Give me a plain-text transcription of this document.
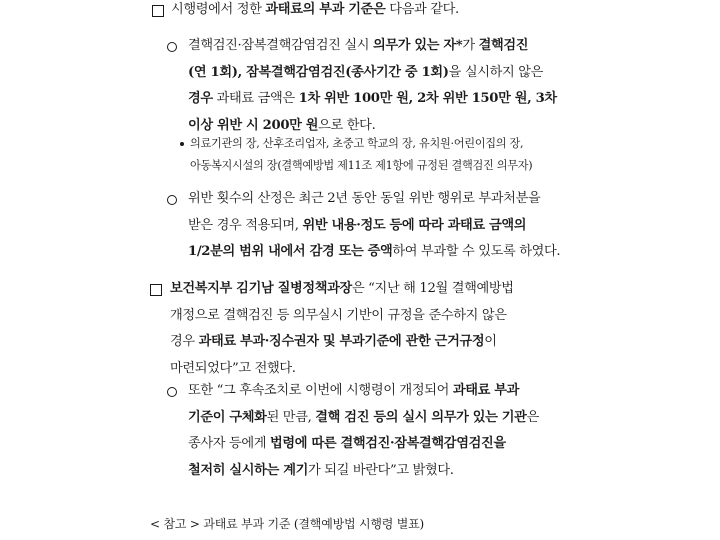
시행령에서 정한 과태료의 부과 기준은 다음과 같다.
결핵검진·잠복결핵감염검진 실시 의무가 있는 자*가 결핵검진
(연 1회), 잠복결핵감염검진(종사기간 중 1회)을 실시하지 않은
경우 과태료 금액은 1차 위반 100만 원, 2차 위반 150만 원, 3차
이상 위반 시 200만 원으로 한다.
의료기관의 장, 산후조리업자, 초중고 학교의 장, 유치원·어린이집의 장,
아동복지시설의 장(결핵예방법 제11조 제1항에 규정된 결핵검진 의무자)
위반 횟수의 산정은 최근 2년 동안 동일 위반 행위로 부과처분을
받은 경우 적용되며, 위반 내용·정도 등에 따라 과태료 금액의
1/2분의 범위 내에서 감경 또는 증액하여 부과할 수 있도록 하였다.
보건복지부 김기남 질병정책과장은 “지난 해 12월 결핵예방법
개정으로 결핵검진 등 의무실시 기반이 규정을 준수하지 않은
경우 과태료 부과·징수권자 및 부과기준에 관한 근거규정이
마련되었다”고 전했다.
또한 “그 후속조치로 이번에 시행령이 개정되어 과태료 부과
기준이 구체화된 만큼, 결핵 검진 등의 실시 의무가 있는 기관은
종사자 등에게 법령에 따른 결핵검진·잠복결핵감염검진을
철저히 실시하는 계기가 되길 바란다”고 밝혔다.
< 참고 > 과태료 부과 기준 (결핵예방법 시행령 별표)
